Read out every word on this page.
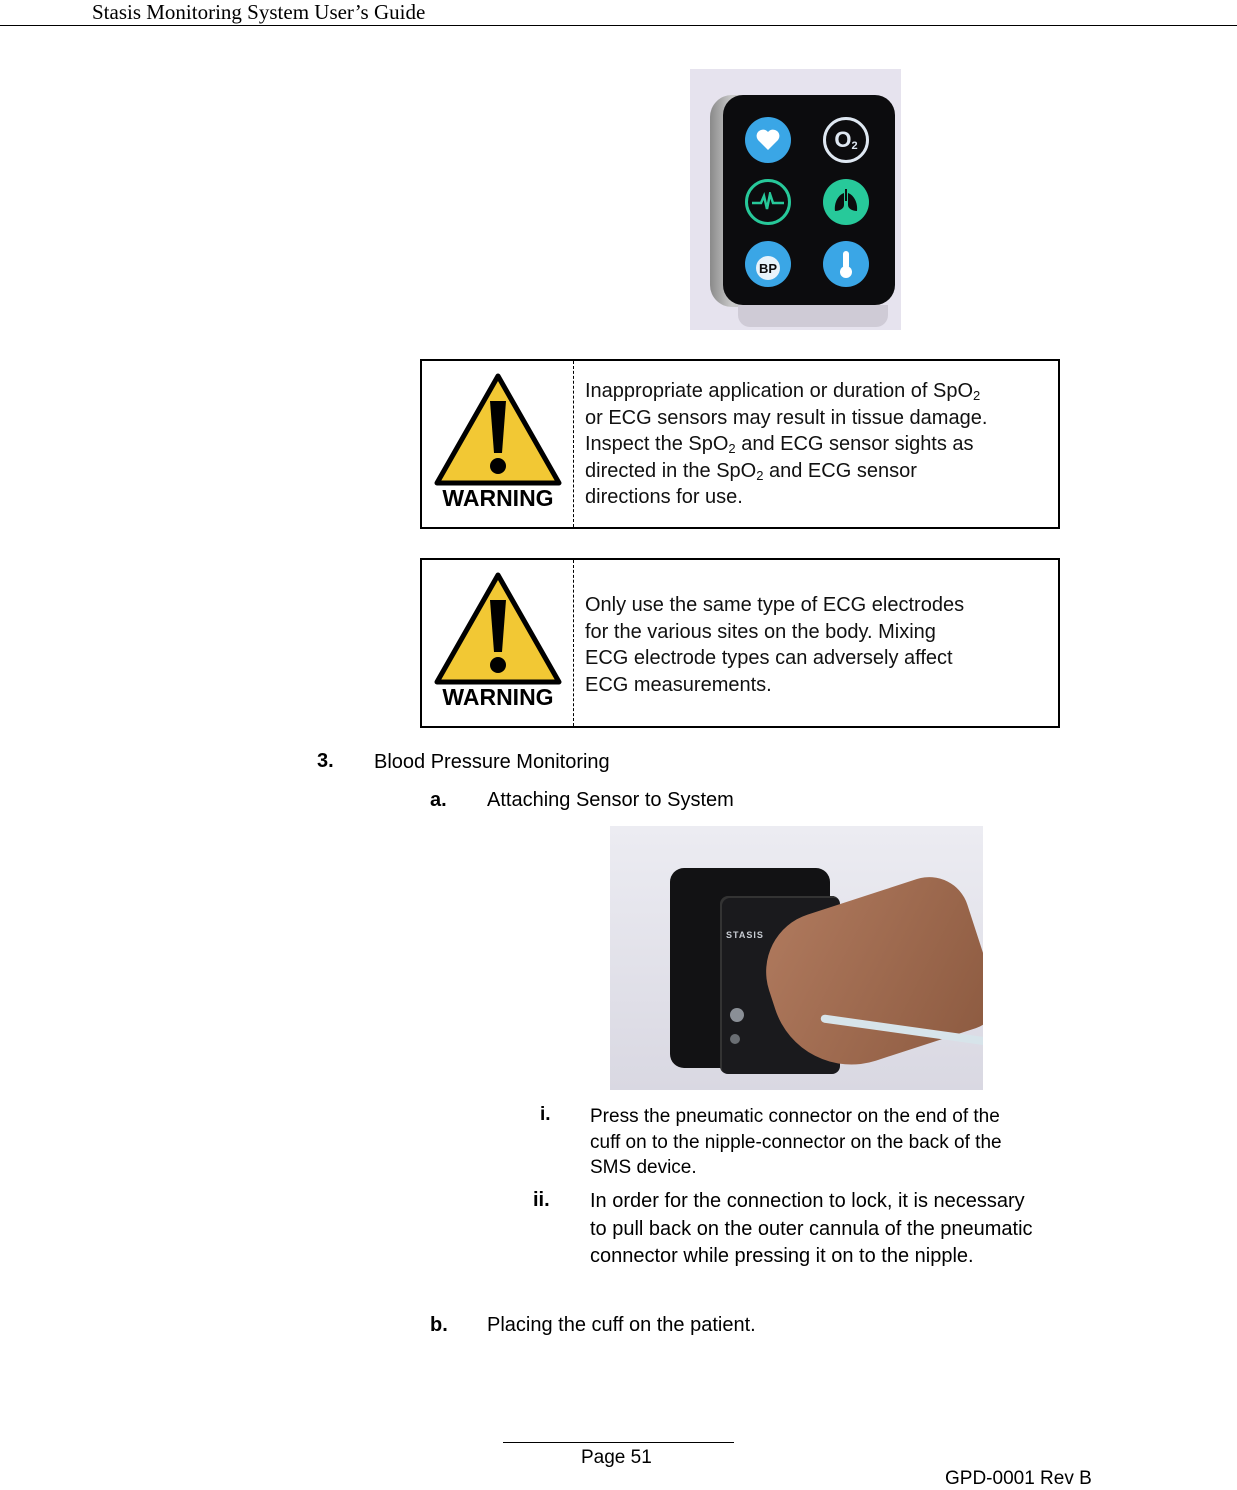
Stasis Monitoring System User’s Guide
O 2
BP
WARNING
Inappropriate application or duration of SpO$_2$
or ECG sensors may result in tissue damage.
Inspect the SpO$_2$ and ECG sensor sights as
directed in the SpO$_2$ and ECG sensor
directions for use.
WARNING
Only use the same type of ECG electrodes
for the various sites on the body. Mixing
ECG electrode types can adversely affect
ECG measurements.
3. Blood Pressure Monitoring
a. Attaching Sensor to System
STASIS
i. Press the pneumatic connector on the end of the
cuff on to the nipple-connector on the back of the
SMS device.
ii. In order for the connection to lock, it is necessary
to pull back on the outer cannula of the pneumatic
connector while pressing it on to the nipple.
b. Placing the cuff on the patient.
Page 51
GPD-0001 Rev B
